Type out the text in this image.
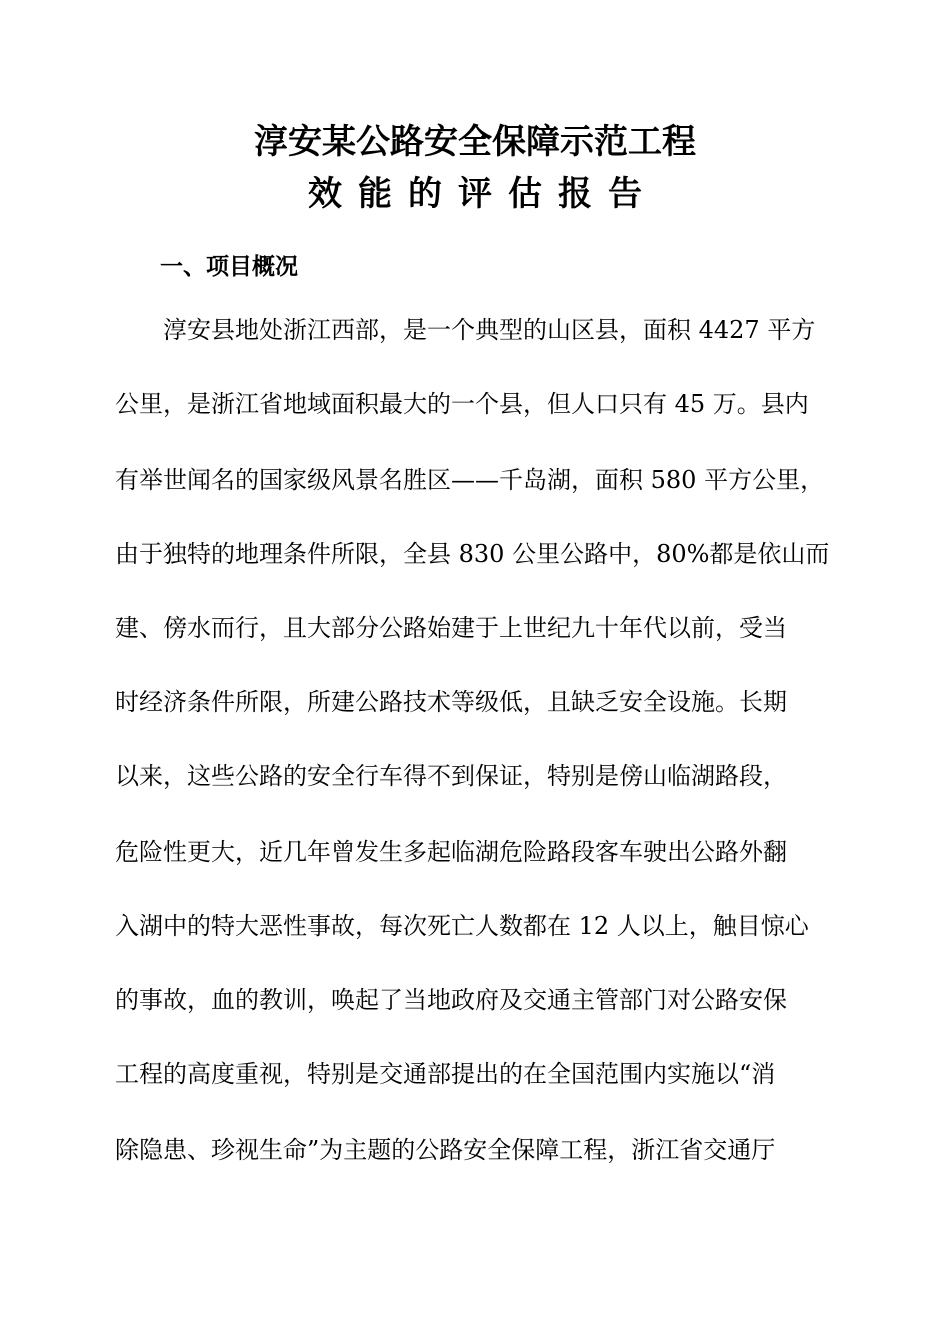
淳安某公路安全保障示范工程
效能的评估报告
一、项目概况
　　淳安县地处浙江西部，是一个典型的山区县，面积 4427 平方
公里，是浙江省地域面积最大的一个县，但人口只有 45 万。县内
有举世闻名的国家级风景名胜区——千岛湖，面积 580 平方公里，
由于独特的地理条件所限，全县 830 公里公路中，80%都是依山而
建、傍水而行，且大部分公路始建于上世纪九十年代以前，受当
时经济条件所限，所建公路技术等级低，且缺乏安全设施。长期
以来，这些公路的安全行车得不到保证，特别是傍山临湖路段，
危险性更大，近几年曾发生多起临湖危险路段客车驶出公路外翻
入湖中的特大恶性事故，每次死亡人数都在 12 人以上，触目惊心
的事故，血的教训，唤起了当地政府及交通主管部门对公路安保
工程的高度重视，特别是交通部提出的在全国范围内实施以“消
除隐患、珍视生命”为主题的公路安全保障工程，浙江省交通厅
